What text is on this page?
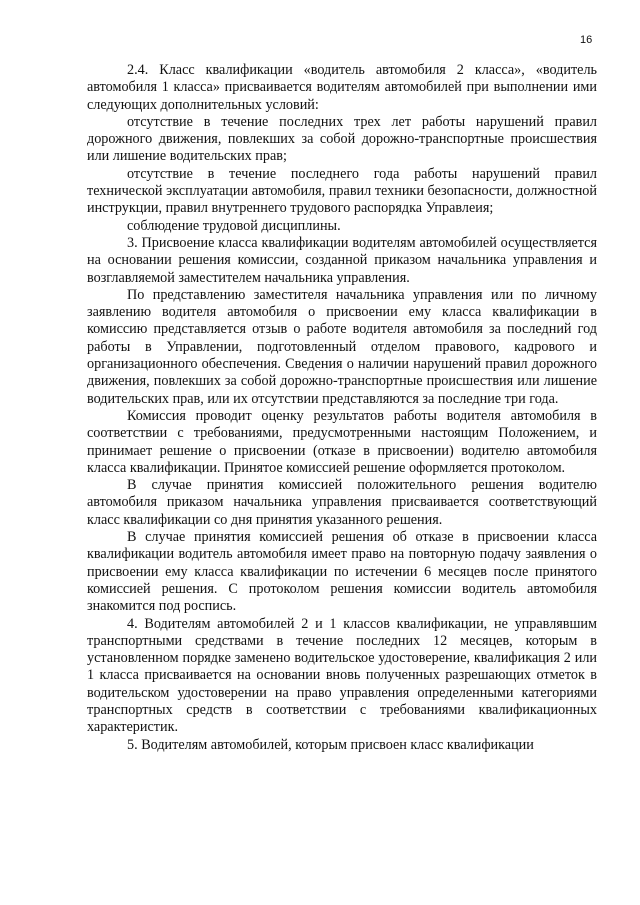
16

2.4. Класс квалификации «водитель автомобиля 2 класса», «водитель автомобиля 1 класса» присваивается водителям автомобилей при выполнении ими следующих дополнительных условий:

отсутствие в течение последних трех лет работы нарушений правил дорожного движения, повлекших за собой дорожно-транспортные происшествия или лишение водительских прав;

отсутствие в течение последнего года работы нарушений правил технической эксплуатации автомобиля, правил техники безопасности, должностной инструкции, правил внутреннего трудового распорядка Управлеия;

соблюдение трудовой дисциплины.

3. Присвоение класса квалификации водителям автомобилей осуществляется на основании решения комиссии, созданной приказом начальника управления и возглавляемой заместителем начальника управления.

По представлению заместителя начальника управления или по личному заявлению водителя автомобиля о присвоении ему класса квалификации в комиссию представляется отзыв о работе водителя автомобиля за последний год работы в Управлении, подготовленный отделом правового, кадрового и организационного обеспечения. Сведения о наличии нарушений правил дорожного движения, повлекших за собой дорожно-транспортные происшествия или лишение водительских прав, или их отсутствии представляются за последние три года.

Комиссия проводит оценку результатов работы водителя автомобиля в соответствии с требованиями, предусмотренными настоящим Положением, и принимает решение о присвоении (отказе в присвоении) водителю автомобиля класса квалификации. Принятое комиссией решение оформляется протоколом.

В случае принятия комиссией положительного решения водителю автомобиля приказом начальника управления присваивается соответствующий класс квалификации со дня принятия указанного решения.

В случае принятия комиссией решения об отказе в присвоении класса квалификации водитель автомобиля имеет право на повторную подачу заявления о присвоении ему класса квалификации по истечении 6 месяцев после принятого комиссией решения. С протоколом решения комиссии водитель автомобиля знакомится под роспись.

4. Водителям автомобилей 2 и 1 классов квалификации, не управлявшим транспортными средствами в течение последних 12 месяцев, которым в установленном порядке заменено водительское удостоверение, квалификация 2 или 1 класса присваивается на основании вновь полученных разрешающих отметок в водительском удостоверении на право управления определенными категориями транспортных средств в соответствии с требованиями квалификационных характеристик.

5. Водителям автомобилей, которым присвоен класс квалификации
